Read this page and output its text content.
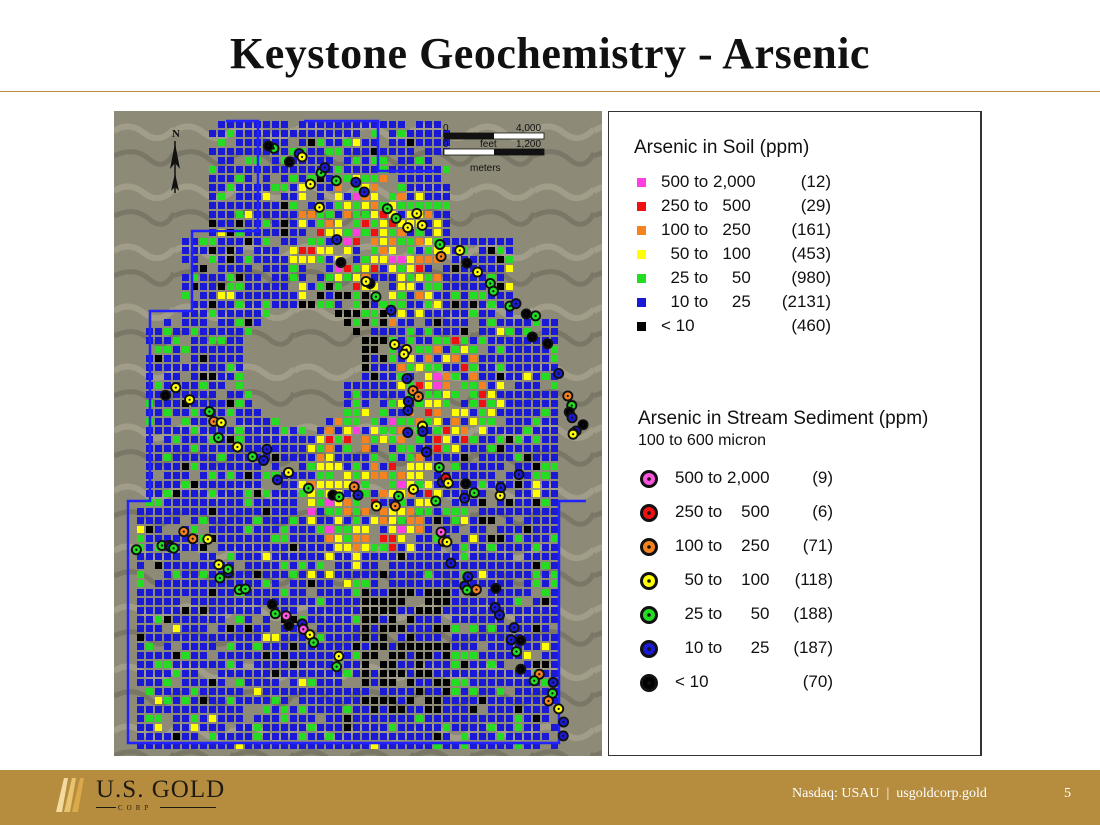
Keystone Geochemistry - Arsenic
N	0	4,000
0	feet 1,200
meters
Arsenic in Soil (ppm)
500 to 2,000	(12)
250 to   500	(29)
100 to   250	(161)
50 to   100	(453)
25 to     50	(980)
10 to     25 (2131)
< 10	(460)
Arsenic in Stream Sediment (ppm)
100 to 600 micron
500 to 2,000	(9)
250 to    500	(6)
100 to    250	(71)
50 to    100	(118)
25 to      50	(188)
10 to      25	(187)
< 10	(70)
U.S. GOLD
CORP
Nasdaq: USAU  |  usgoldcorp.gold	5
